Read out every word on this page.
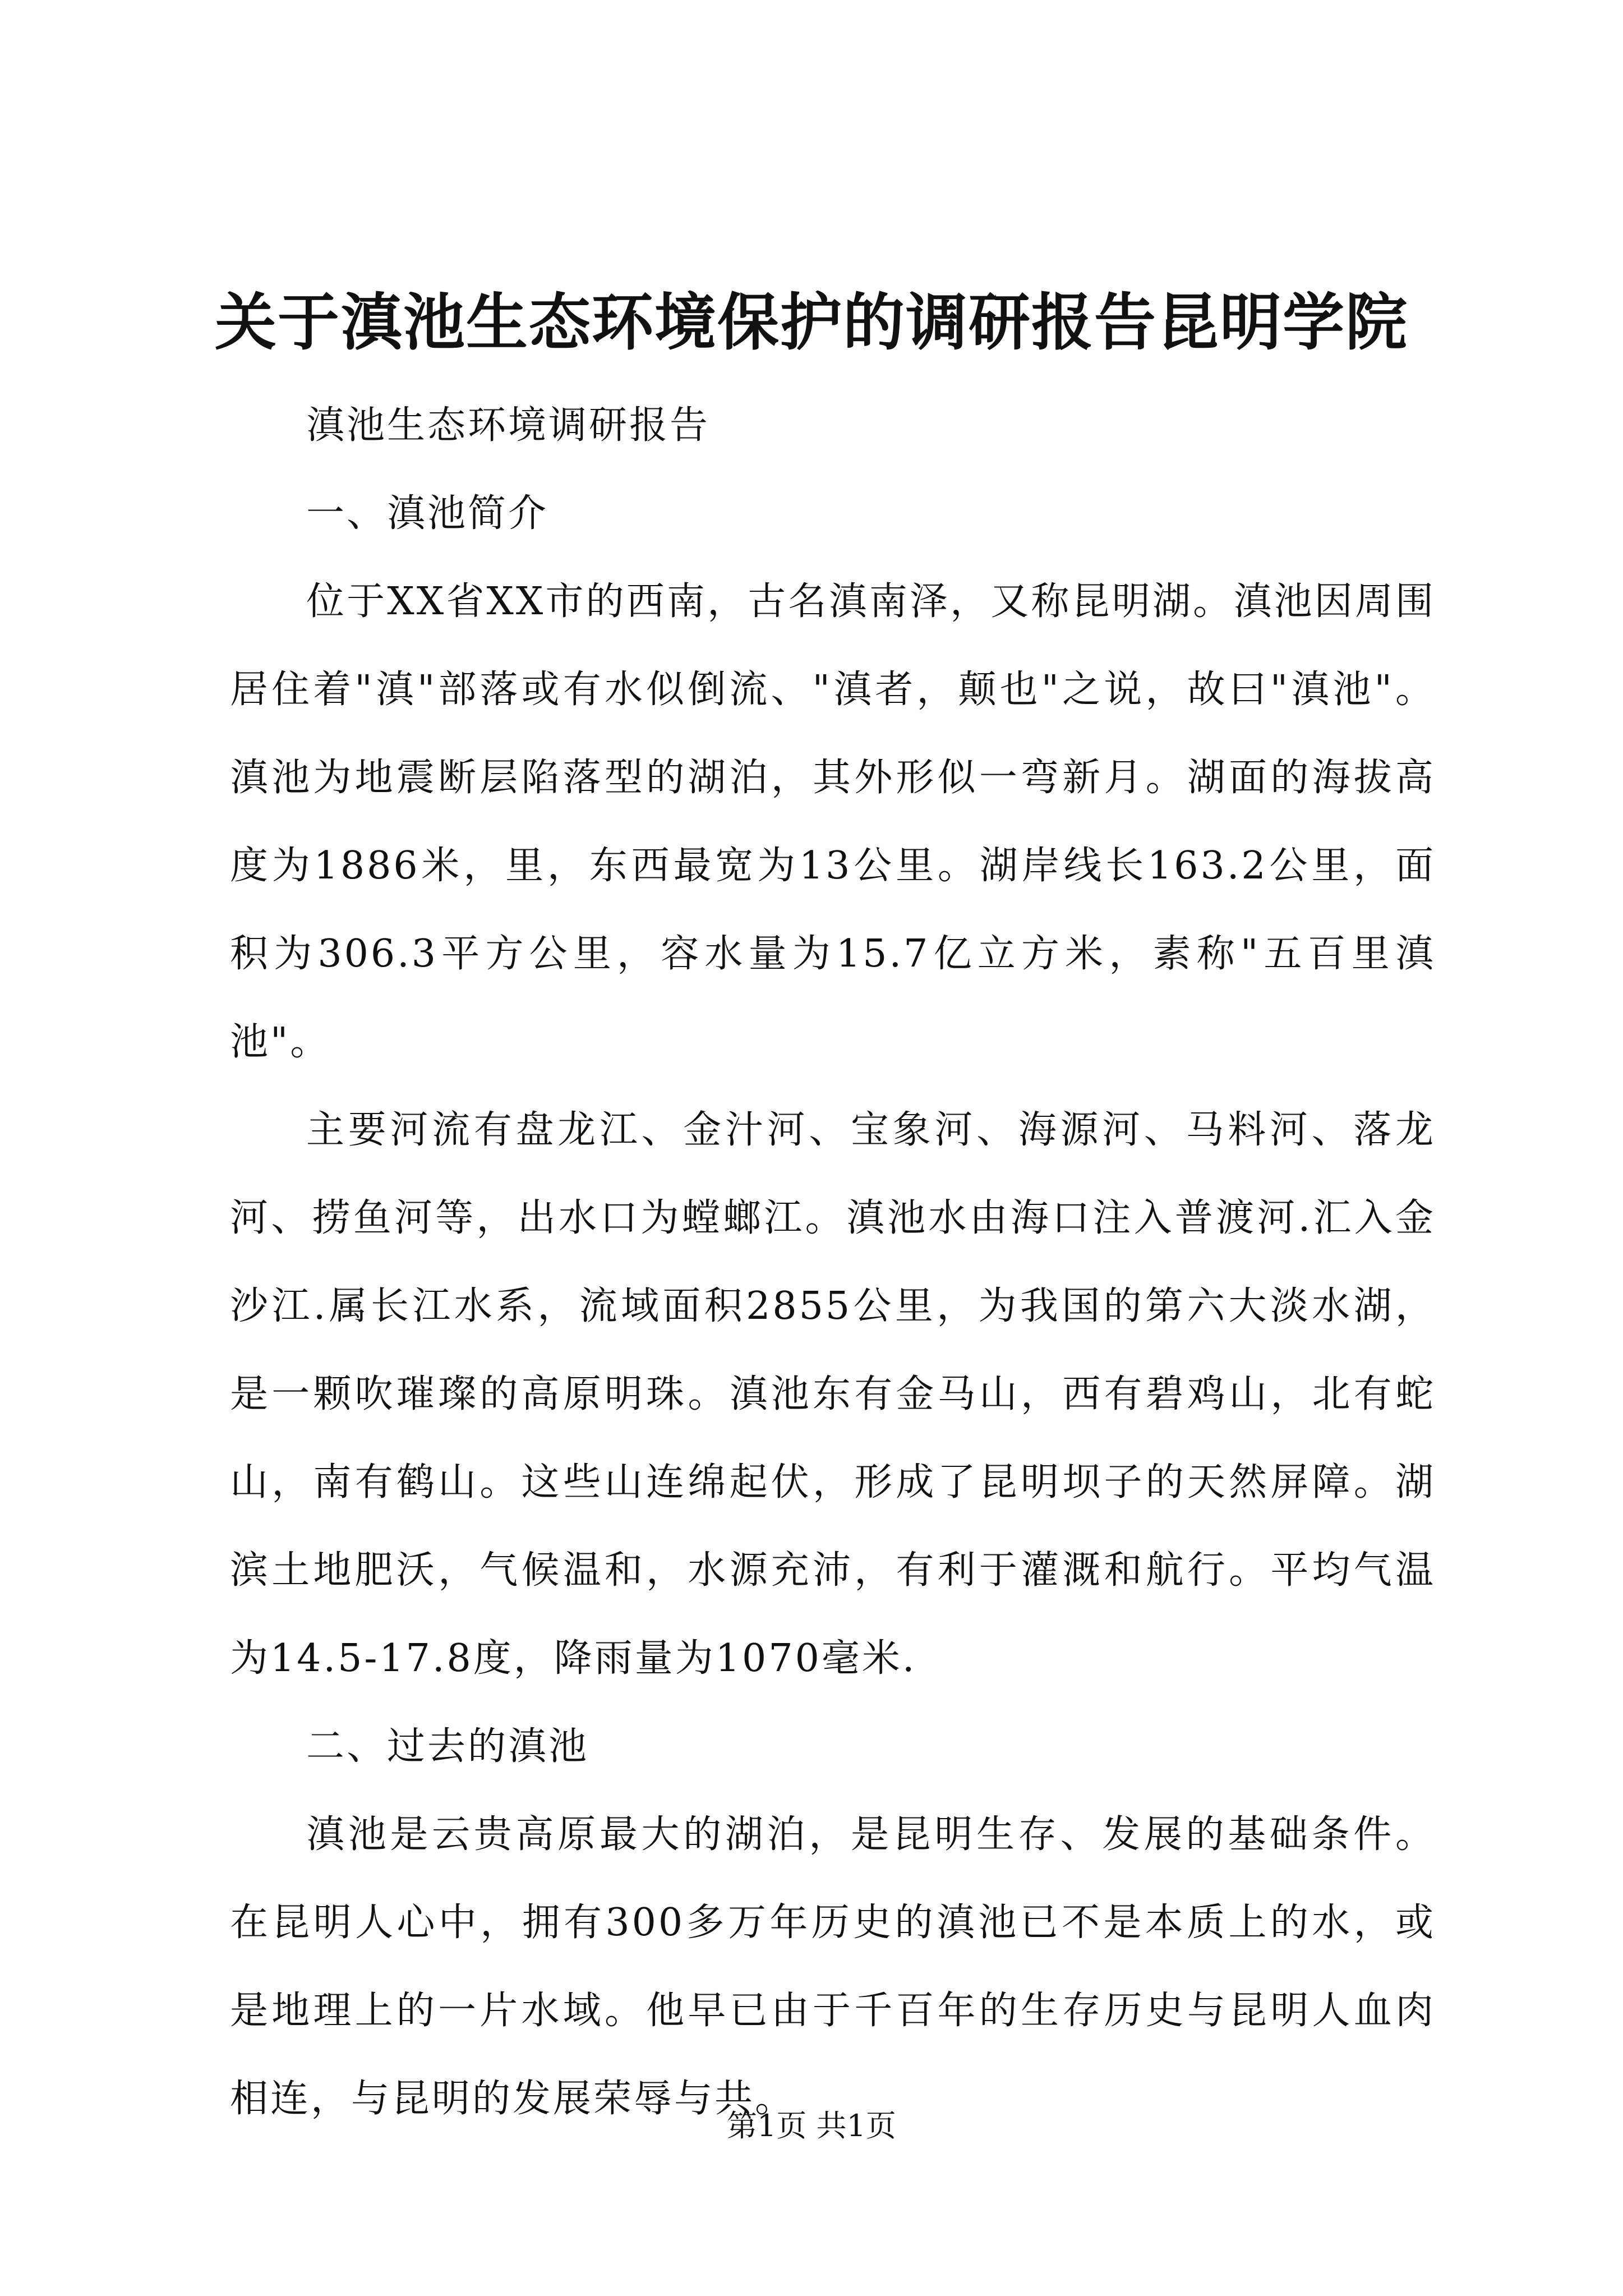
关于滇池生态环境保护的调研报告昆明学院

滇池生态环境调研报告

一、滇池简介

位于XX省XX市的西南，古名滇南泽，又称昆明湖。滇池因周围居住着"滇"部落或有水似倒流、"滇者，颠也"之说，故曰"滇池"。滇池为地震断层陷落型的湖泊，其外形似一弯新月。湖面的海拔高度为1886米，里，东西最宽为13公里。湖岸线长163.2公里，面积为306.3平方公里，容水量为15.7亿立方米，素称"五百里滇池"。

主要河流有盘龙江、金汁河、宝象河、海源河、马料河、落龙河、捞鱼河等，出水口为螳螂江。滇池水由海口注入普渡河.汇入金沙江.属长江水系，流域面积2855公里，为我国的第六大淡水湖，是一颗吹璀璨的高原明珠。滇池东有金马山，西有碧鸡山，北有蛇山，南有鹤山。这些山连绵起伏，形成了昆明坝子的天然屏障。湖滨土地肥沃，气候温和，水源充沛，有利于灌溉和航行。平均气温为14.5-17.8度，降雨量为1070毫米.

二、过去的滇池

滇池是云贵高原最大的湖泊，是昆明生存、发展的基础条件。在昆明人心中，拥有300多万年历史的滇池已不是本质上的水，或是地理上的一片水域。他早已由于千百年的生存历史与昆明人血肉相连，与昆明的发展荣辱与共。

第1页 共1页
